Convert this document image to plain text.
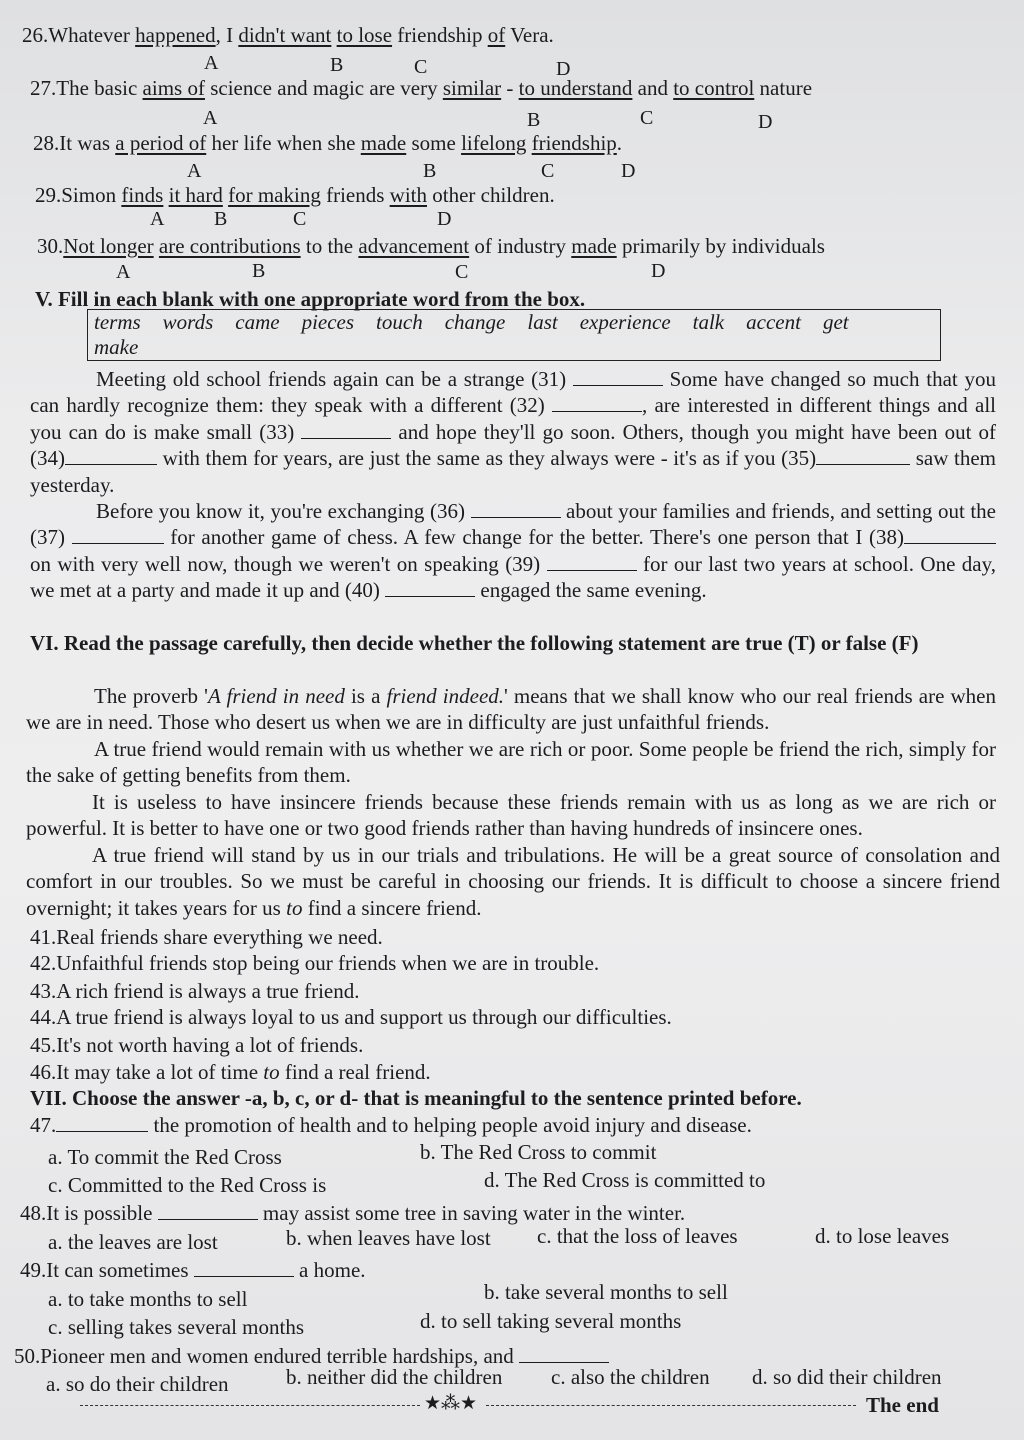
26.Whatever happened, I didn't want to lose friendship of Vera.
A	B	C	D
27.The basic aims of science and magic are very similar - to understand and to control nature
A	B	C	D
28.It was a period of her life when she made some lifelong friendship.
A	B	C	D
29.Simon finds it hard for making friends with other children.
A B	C	D
30.Not longer are contributions to the advancement of industry made primarily by individuals
A	B	C	D
V. Fill in each blank with one appropriate word from the box.
terms words came pieces touch change last experience talk accent get
make
Meeting old school friends again can be a strange (31)	Some have changed so much that you can hardly recognize them: they speak with a different (32)	, are interested in different things and all you can do is make small (33)	and hope they'll go soon. Others, though you might have been out of (34)	with them for years, are just the same as they always were - it's as if you (35)	saw them yesterday.
Before you know it, you're exchanging (36)	about your families and friends, and setting out the (37)	for another game of chess. A few change for the better. There's one person that I (38) on with very well now, though we weren't on speaking (39)	for our last two years at school. One day, we met at a party and made it up and (40)	engaged the same evening.
VI. Read the passage carefully, then decide whether the following statement are true (T) or false (F)
The proverb 'A friend in need is a friend indeed.' means that we shall know who our real friends are when we are in need. Those who desert us when we are in difficulty are just unfaithful friends.
A true friend would remain with us whether we are rich or poor. Some people be friend the rich, simply for the sake of getting benefits from them.
It is useless to have insincere friends because these friends remain with us as long as we are rich or powerful. It is better to have one or two good friends rather than having hundreds of insincere ones.
A true friend will stand by us in our trials and tribulations. He will be a great source of consolation and comfort in our troubles. So we must be careful in choosing our friends. It is difficult to choose a sincere friend overnight; it takes years for us to find a sincere friend.
41.Real friends share everything we need.
42.Unfaithful friends stop being our friends when we are in trouble.
43.A rich friend is always a true friend.
44.A true friend is always loyal to us and support us through our difficulties.
45.It's not worth having a lot of friends.
46.It may take a lot of time to find a real friend.
VII. Choose the answer -a, b, c, or d- that is meaningful to the sentence printed before.
47.	the promotion of health and to helping people avoid injury and disease.
a. To commit the Red Cross	b. The Red Cross to commit
c. Committed to the Red Cross is	d. The Red Cross is committed to
48.It is possible	may assist some tree in saving water in the winter.
a. the leaves are lost	b. when leaves have lost c. that the loss of leaves	d. to lose leaves
49.It can sometimes	a home.
a. to take months to sell	b. take several months to sell
c. selling takes several months	d. to sell taking several months
50.Pioneer men and women endured terrible hardships, and
a. so do their children	b. neither did the children c. also the children d. so did their children
★⁂★	The end
